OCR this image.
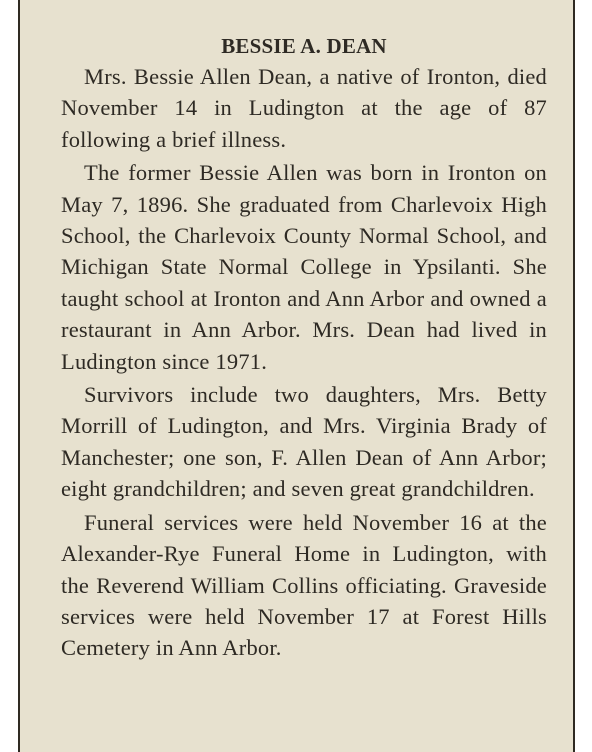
BESSIE A. DEAN

Mrs. Bessie Allen Dean, a native of Ironton, died November 14 in Ludington at the age of 87 following a brief illness.

The former Bessie Allen was born in Ironton on May 7, 1896. She graduated from Charlevoix High School, the Charlevoix County Normal School, and Michigan State Normal College in Ypsilanti. She taught school at Ironton and Ann Arbor and owned a restaurant in Ann Arbor. Mrs. Dean had lived in Ludington since 1971.

Survivors include two daughters, Mrs. Betty Morrill of Ludington, and Mrs. Virginia Brady of Manchester; one son, F. Allen Dean of Ann Arbor; eight grandchildren; and seven great grandchildren.

Funeral services were held November 16 at the Alexander-Rye Funeral Home in Ludington, with the Reverend William Collins officiating. Graveside services were held November 17 at Forest Hills Cemetery in Ann Arbor.
